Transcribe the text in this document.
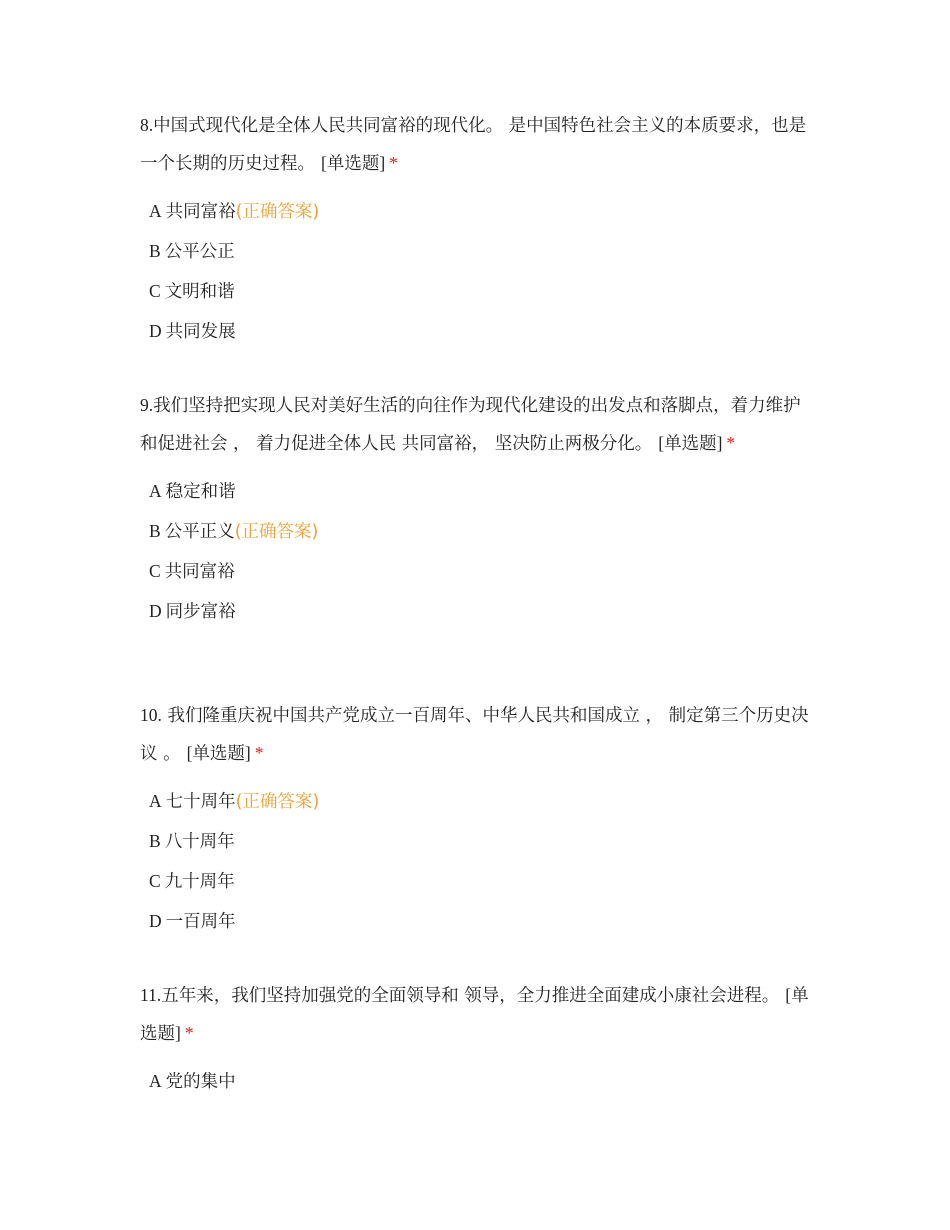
8.中国式现代化是全体人民共同富裕的现代化。 是中国特色社会主义的本质要求，也是一个长期的历史过程。 [单选题] *

A 共同富裕(正确答案)
B 公平公正
C 文明和谐
D 共同发展

9.我们坚持把实现人民对美好生活的向往作为现代化建设的出发点和落脚点，着力维护和促进社会 ， 着力促进全体人民 共同富裕， 坚决防止两极分化。 [单选题] *

A 稳定和谐
B 公平正义(正确答案)
C 共同富裕
D 同步富裕

10. 我们隆重庆祝中国共产党成立一百周年、中华人民共和国成立 ， 制定第三个历史决议 。 [单选题] *

A 七十周年(正确答案)
B 八十周年
C 九十周年
D 一百周年

11.五年来，我们坚持加强党的全面领导和 领导，全力推进全面建成小康社会进程。 [单选题] *

A 党的集中
